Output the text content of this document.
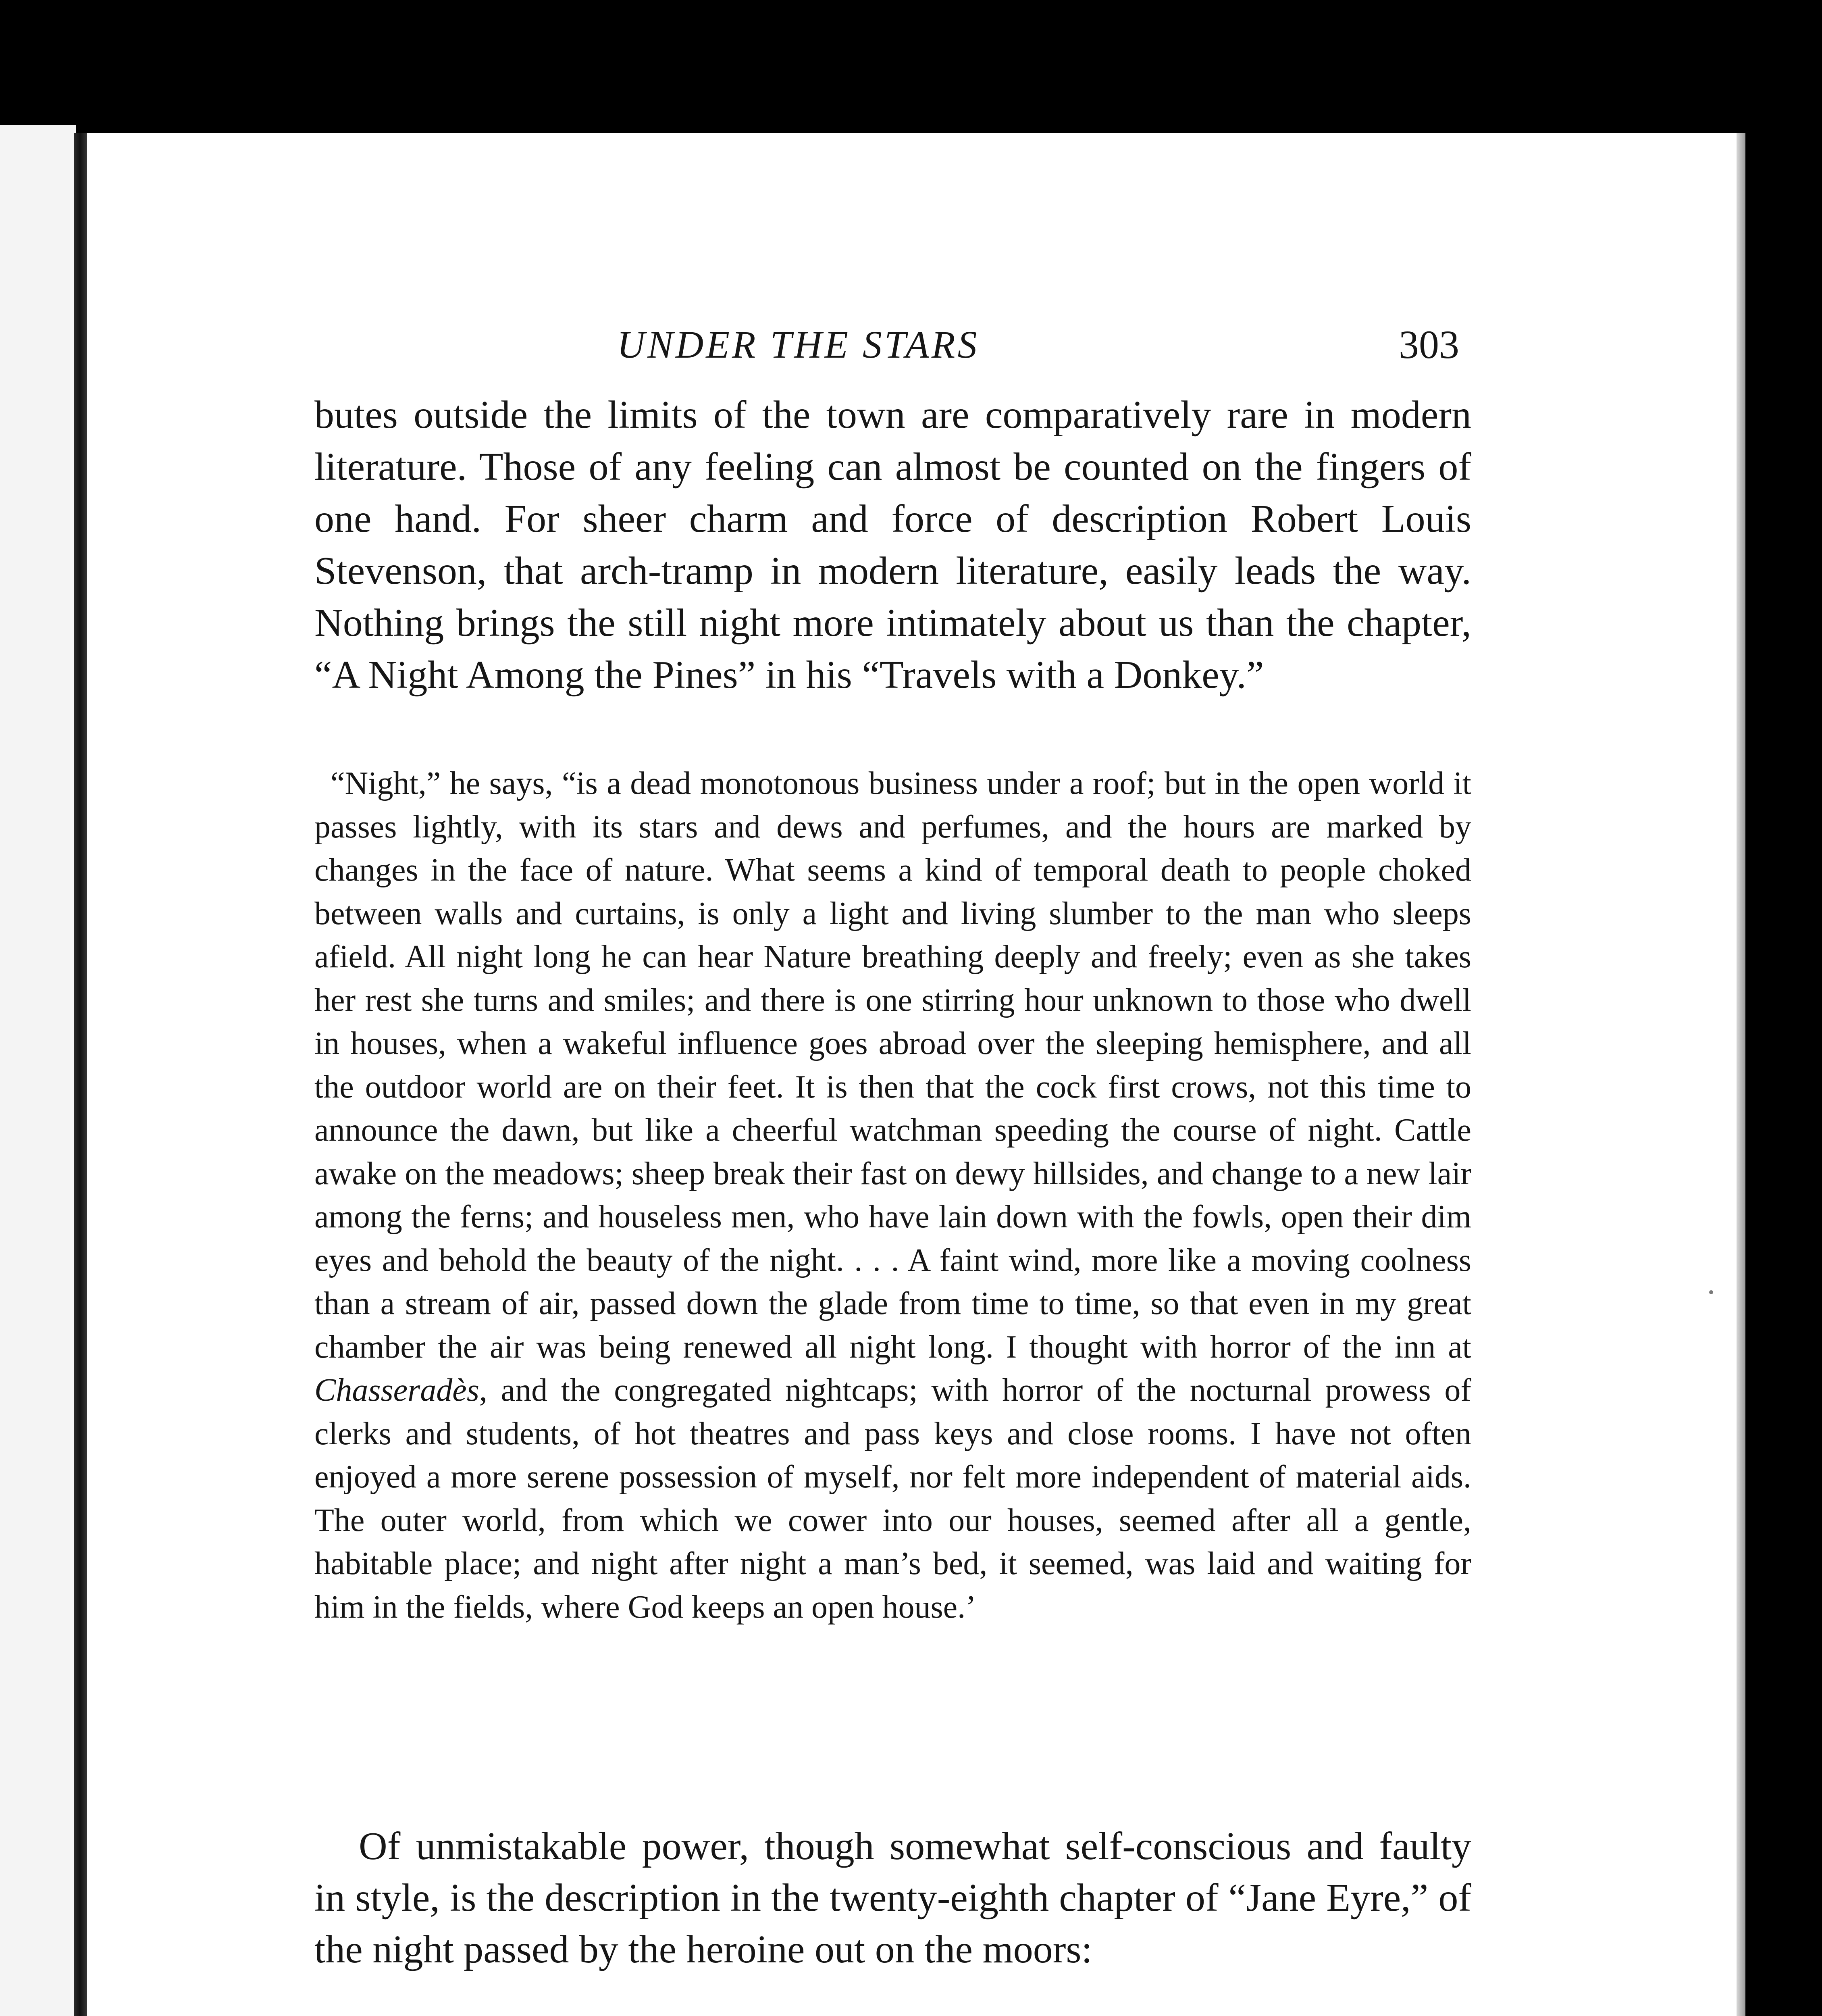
UNDER THE STARS	303

butes outside the limits of the town are comparatively rare in modern literature. Those of any feeling can almost be counted on the fingers of one hand. For sheer charm and force of description Robert Louis Stevenson, that arch-tramp in modern literature, easily leads the way. Nothing brings the still night more intimately about us than the chapter, “A Night Among the Pines” in his “Travels with a Donkey.”

“Night,” he says, “is a dead monotonous business under a roof; but in the open world it passes lightly, with its stars and dews and perfumes, and the hours are marked by changes in the face of nature. What seems a kind of temporal death to people choked between walls and curtains, is only a light and living slumber to the man who sleeps afield. All night long he can hear Nature breathing deeply and freely; even as she takes her rest she turns and smiles; and there is one stirring hour unknown to those who dwell in houses, when a wakeful influence goes abroad over the sleeping hemisphere, and all the outdoor world are on their feet. It is then that the cock first crows, not this time to announce the dawn, but like a cheerful watchman speeding the course of night. Cattle awake on the meadows; sheep break their fast on dewy hillsides, and change to a new lair among the ferns; and houseless men, who have lain down with the fowls, open their dim eyes and behold the beauty of the night. . . . A faint wind, more like a moving coolness than a stream of air, passed down the glade from time to time, so that even in my great chamber the air was being renewed all night long. I thought with horror of the inn at Chasseradès, and the congregated nightcaps; with horror of the nocturnal prowess of clerks and students, of hot theatres and pass keys and close rooms. I have not often enjoyed a more serene possession of myself, nor felt more independent of material aids. The outer world, from which we cower into our houses, seemed after all a gentle, habitable place; and night after night a man’s bed, it seemed, was laid and waiting for him in the fields, where God keeps an open house.’

Of unmistakable power, though somewhat self-conscious and faulty in style, is the description in the twenty-eighth chapter of “Jane Eyre,” of the night passed by the heroine out on the moors:
